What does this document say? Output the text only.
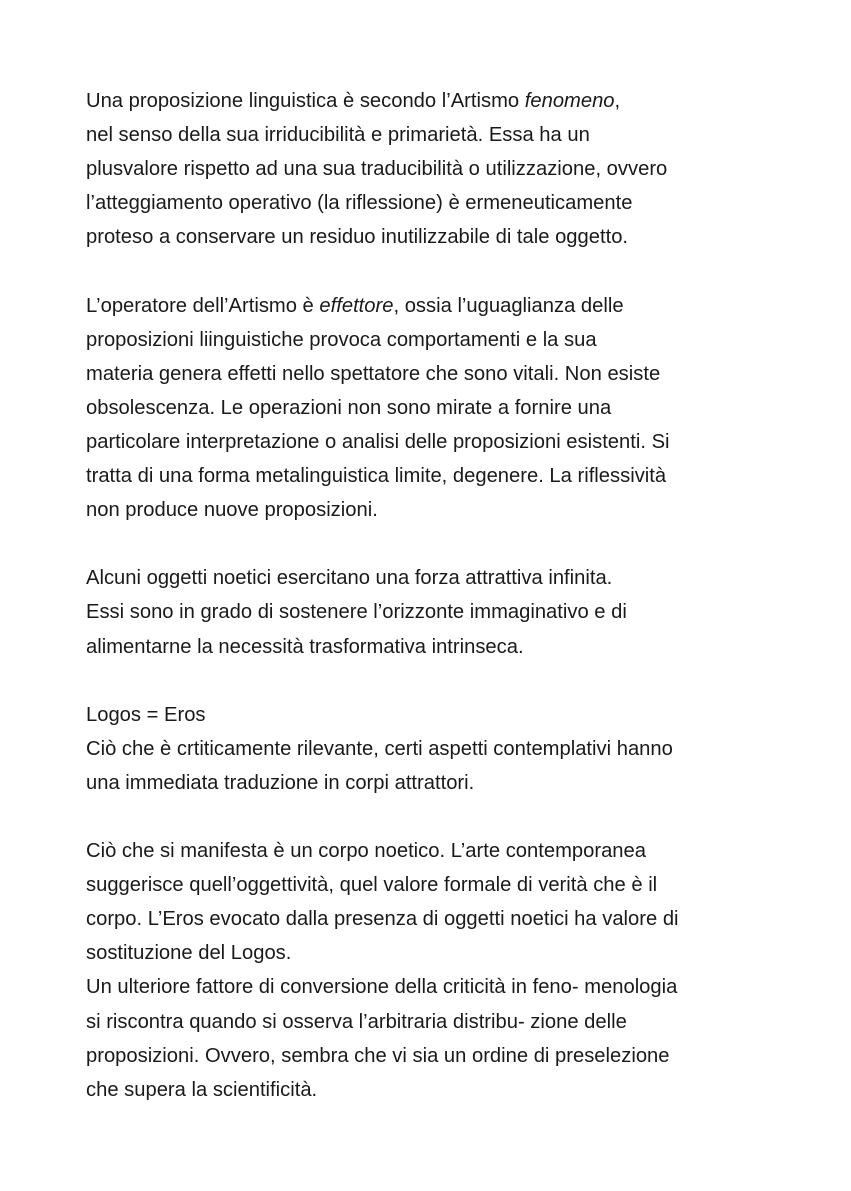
Una proposizione linguistica è secondo l’Artismo fenomeno,
nel senso della sua irriducibilità e primarietà. Essa ha un
plusvalore rispetto ad una sua traducibilità o utilizzazione, ovvero
l’atteggiamento operativo (la riflessione) è ermeneuticamente
proteso a conservare un residuo inutilizzabile di tale oggetto.
L’operatore dell’Artismo è effettore, ossia l’uguaglianza delle
proposizioni liinguistiche provoca comportamenti e la sua
materia genera effetti nello spettatore che sono vitali. Non esiste
obsolescenza. Le operazioni non sono mirate a fornire una
particolare interpretazione o analisi delle proposizioni esistenti. Si
tratta di una forma metalinguistica limite, degenere. La riflessività
non produce nuove proposizioni.
Alcuni oggetti noetici esercitano una forza attrattiva infinita.
Essi sono in grado di sostenere l’orizzonte immaginativo e di
alimentarne la necessità trasformativa intrinseca.
Logos = Eros
Ciò che è crtiticamente rilevante, certi aspetti contemplativi hanno
una immediata traduzione in corpi attrattori.
Ciò che si manifesta è un corpo noetico. L’arte contemporanea
suggerisce quell’oggettività, quel valore formale di verità che è il
corpo. L’Eros evocato dalla presenza di oggetti noetici ha valore di
sostituzione del Logos.
Un ulteriore fattore di conversione della criticità in feno- menologia
si riscontra quando si osserva l’arbitraria distribu- zione delle
proposizioni. Ovvero, sembra che vi sia un ordine di preselezione
che supera la scientificità.
